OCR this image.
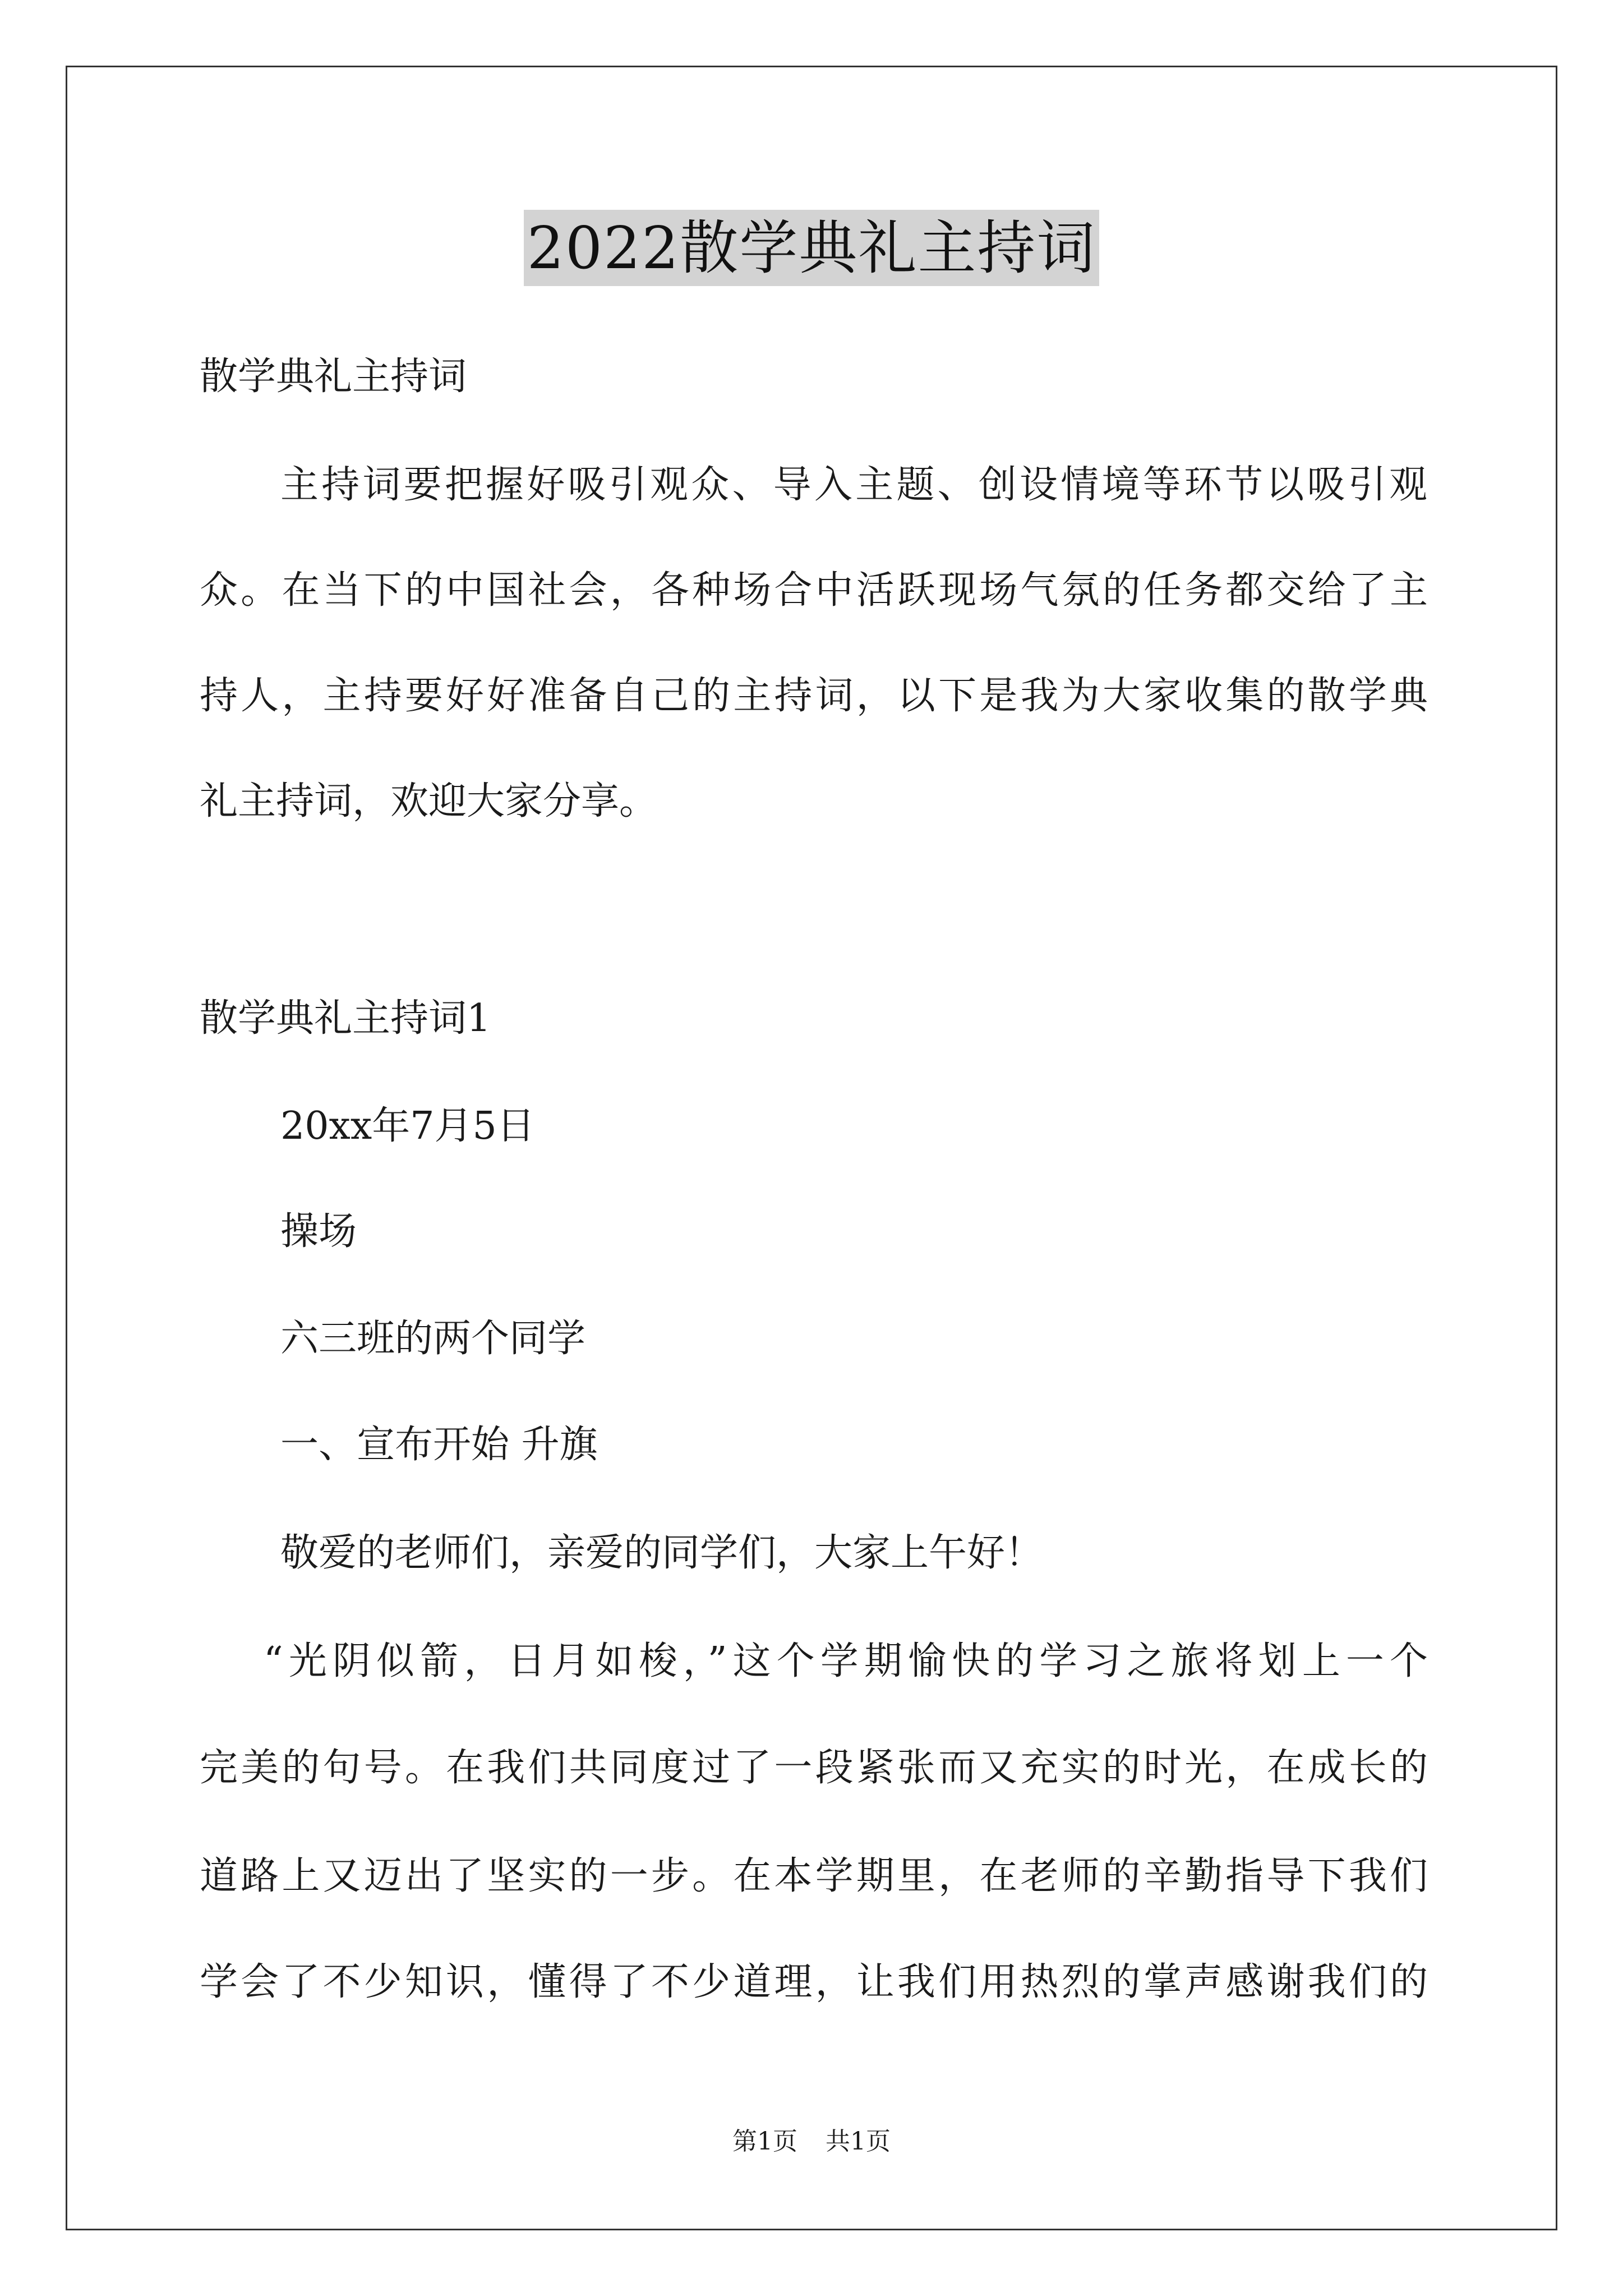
2022散学典礼主持词
散学典礼主持词
主持词要把握好吸引观众、导入主题、创设情境等环节以吸引观
众。在当下的中国社会，各种场合中活跃现场气氛的任务都交给了主
持人，主持要好好准备自己的主持词，以下是我为大家收集的散学典
礼主持词，欢迎大家分享。
散学典礼主持词1
20xx年7月5日
操场
六三班的两个同学
一、宣布开始 升旗
敬爱的老师们，亲爱的同学们，大家上午好！
“光阴似箭，日月如梭，”这个学期愉快的学习之旅将划上一个
完美的句号。在我们共同度过了一段紧张而又充实的时光，在成长的
道路上又迈出了坚实的一步。在本学期里，在老师的辛勤指导下我们
学会了不少知识，懂得了不少道理，让我们用热烈的掌声感谢我们的
第1页 共1页
